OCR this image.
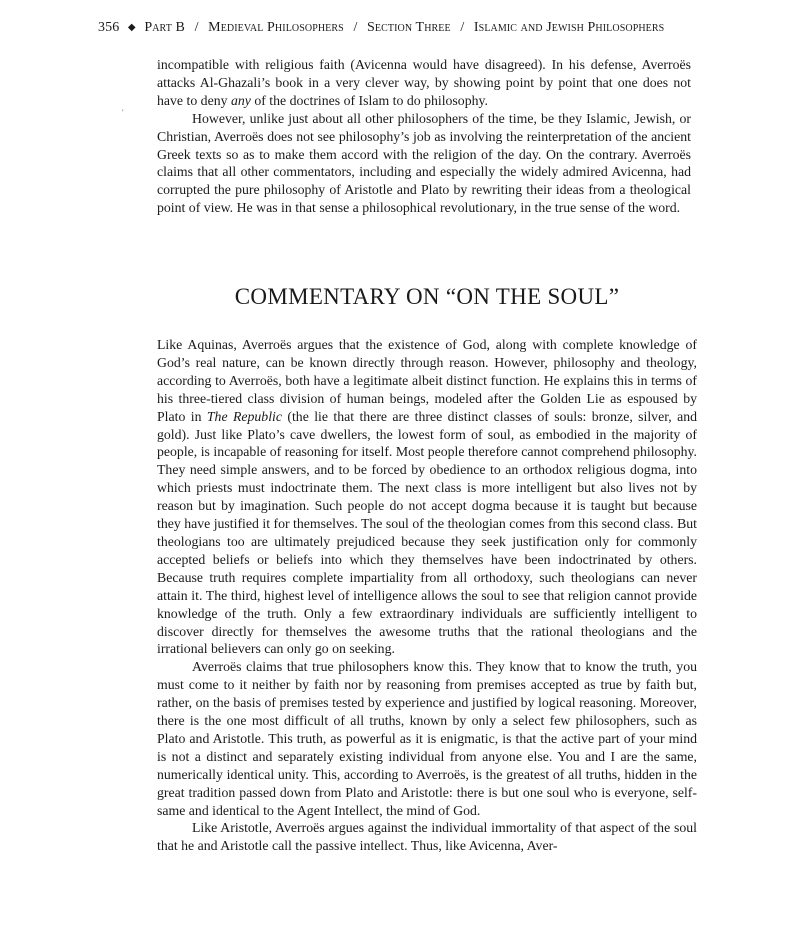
356 ◆ Part B / Medieval Philosophers / Section Three / Islamic and Jewish Philosophers
'

incompatible with religious faith (Avicenna would have disagreed). In his defense, Averroës attacks Al-Ghazali’s book in a very clever way, by showing point by point that one does not have to deny any of the doctrines of Islam to do philosophy.

However, unlike just about all other philosophers of the time, be they Islamic, Jewish, or Christian, Averroës does not see philosophy’s job as involving the reinterpretation of the ancient Greek texts so as to make them accord with the religion of the day. On the contrary. Averroës claims that all other commentators, including and especially the widely admired Avicenna, had corrupted the pure philosophy of Aristotle and Plato by rewriting their ideas from a theological point of view. He was in that sense a philosophical revolutionary, in the true sense of the word.

COMMENTARY ON “ON THE SOUL”

Like Aquinas, Averroës argues that the existence of God, along with complete knowledge of God’s real nature, can be known directly through reason. However, philosophy and theology, according to Averroës, both have a legitimate albeit distinct function. He explains this in terms of his three-tiered class division of human beings, modeled after the Golden Lie as espoused by Plato in The Republic (the lie that there are three distinct classes of souls: bronze, silver, and gold). Just like Plato’s cave dwellers, the lowest form of soul, as embodied in the majority of people, is incapable of reasoning for itself. Most people therefore cannot comprehend philosophy. They need simple answers, and to be forced by obedience to an orthodox religious dogma, into which priests must indoctrinate them. The next class is more intelligent but also lives not by reason but by imagination. Such people do not accept dogma because it is taught but because they have justified it for themselves. The soul of the theologian comes from this second class. But theologians too are ultimately prejudiced because they seek justification only for commonly accepted beliefs or beliefs into which they themselves have been indoctrinated by others. Because truth requires complete impartiality from all orthodoxy, such theologians can never attain it. The third, highest level of intelligence allows the soul to see that religion cannot provide knowledge of the truth. Only a few extraordinary individuals are sufficiently intelligent to discover directly for themselves the awesome truths that the rational theologians and the irrational believers can only go on seeking.

Averroës claims that true philosophers know this. They know that to know the truth, you must come to it neither by faith nor by reasoning from premises accepted as true by faith but, rather, on the basis of premises tested by experience and justified by logical reasoning. Moreover, there is the one most difficult of all truths, known by only a select few philosophers, such as Plato and Aristotle. This truth, as powerful as it is enigmatic, is that the active part of your mind is not a distinct and separately existing individual from anyone else. You and I are the same, numerically identical unity. This, according to Averroës, is the greatest of all truths, hidden in the great tradition passed down from Plato and Aristotle: there is but one soul who is everyone, self-same and identical to the Agent Intellect, the mind of God.

Like Aristotle, Averroës argues against the individual immortality of that aspect of the soul that he and Aristotle call the passive intellect. Thus, like Avicenna, Aver-
